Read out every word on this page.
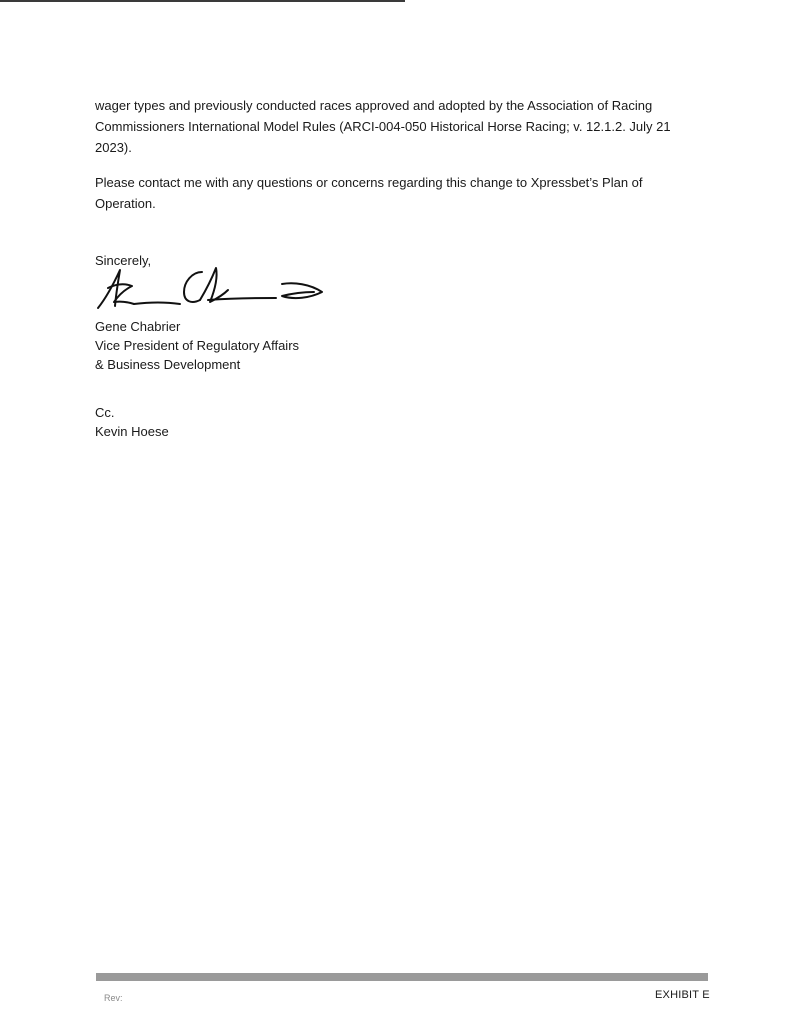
wager types and previously conducted races approved and adopted by the Association of Racing Commissioners International Model Rules (ARCI-004-050 Historical Horse Racing; v. 12.1.2. July 21 2023).

Please contact me with any questions or concerns regarding this change to Xpressbet’s Plan of Operation.

Sincerely,

Gene Chabrier
Vice President of Regulatory Affairs
& Business Development
Cc.
Kevin Hoese
Rev:	EXHIBIT E
